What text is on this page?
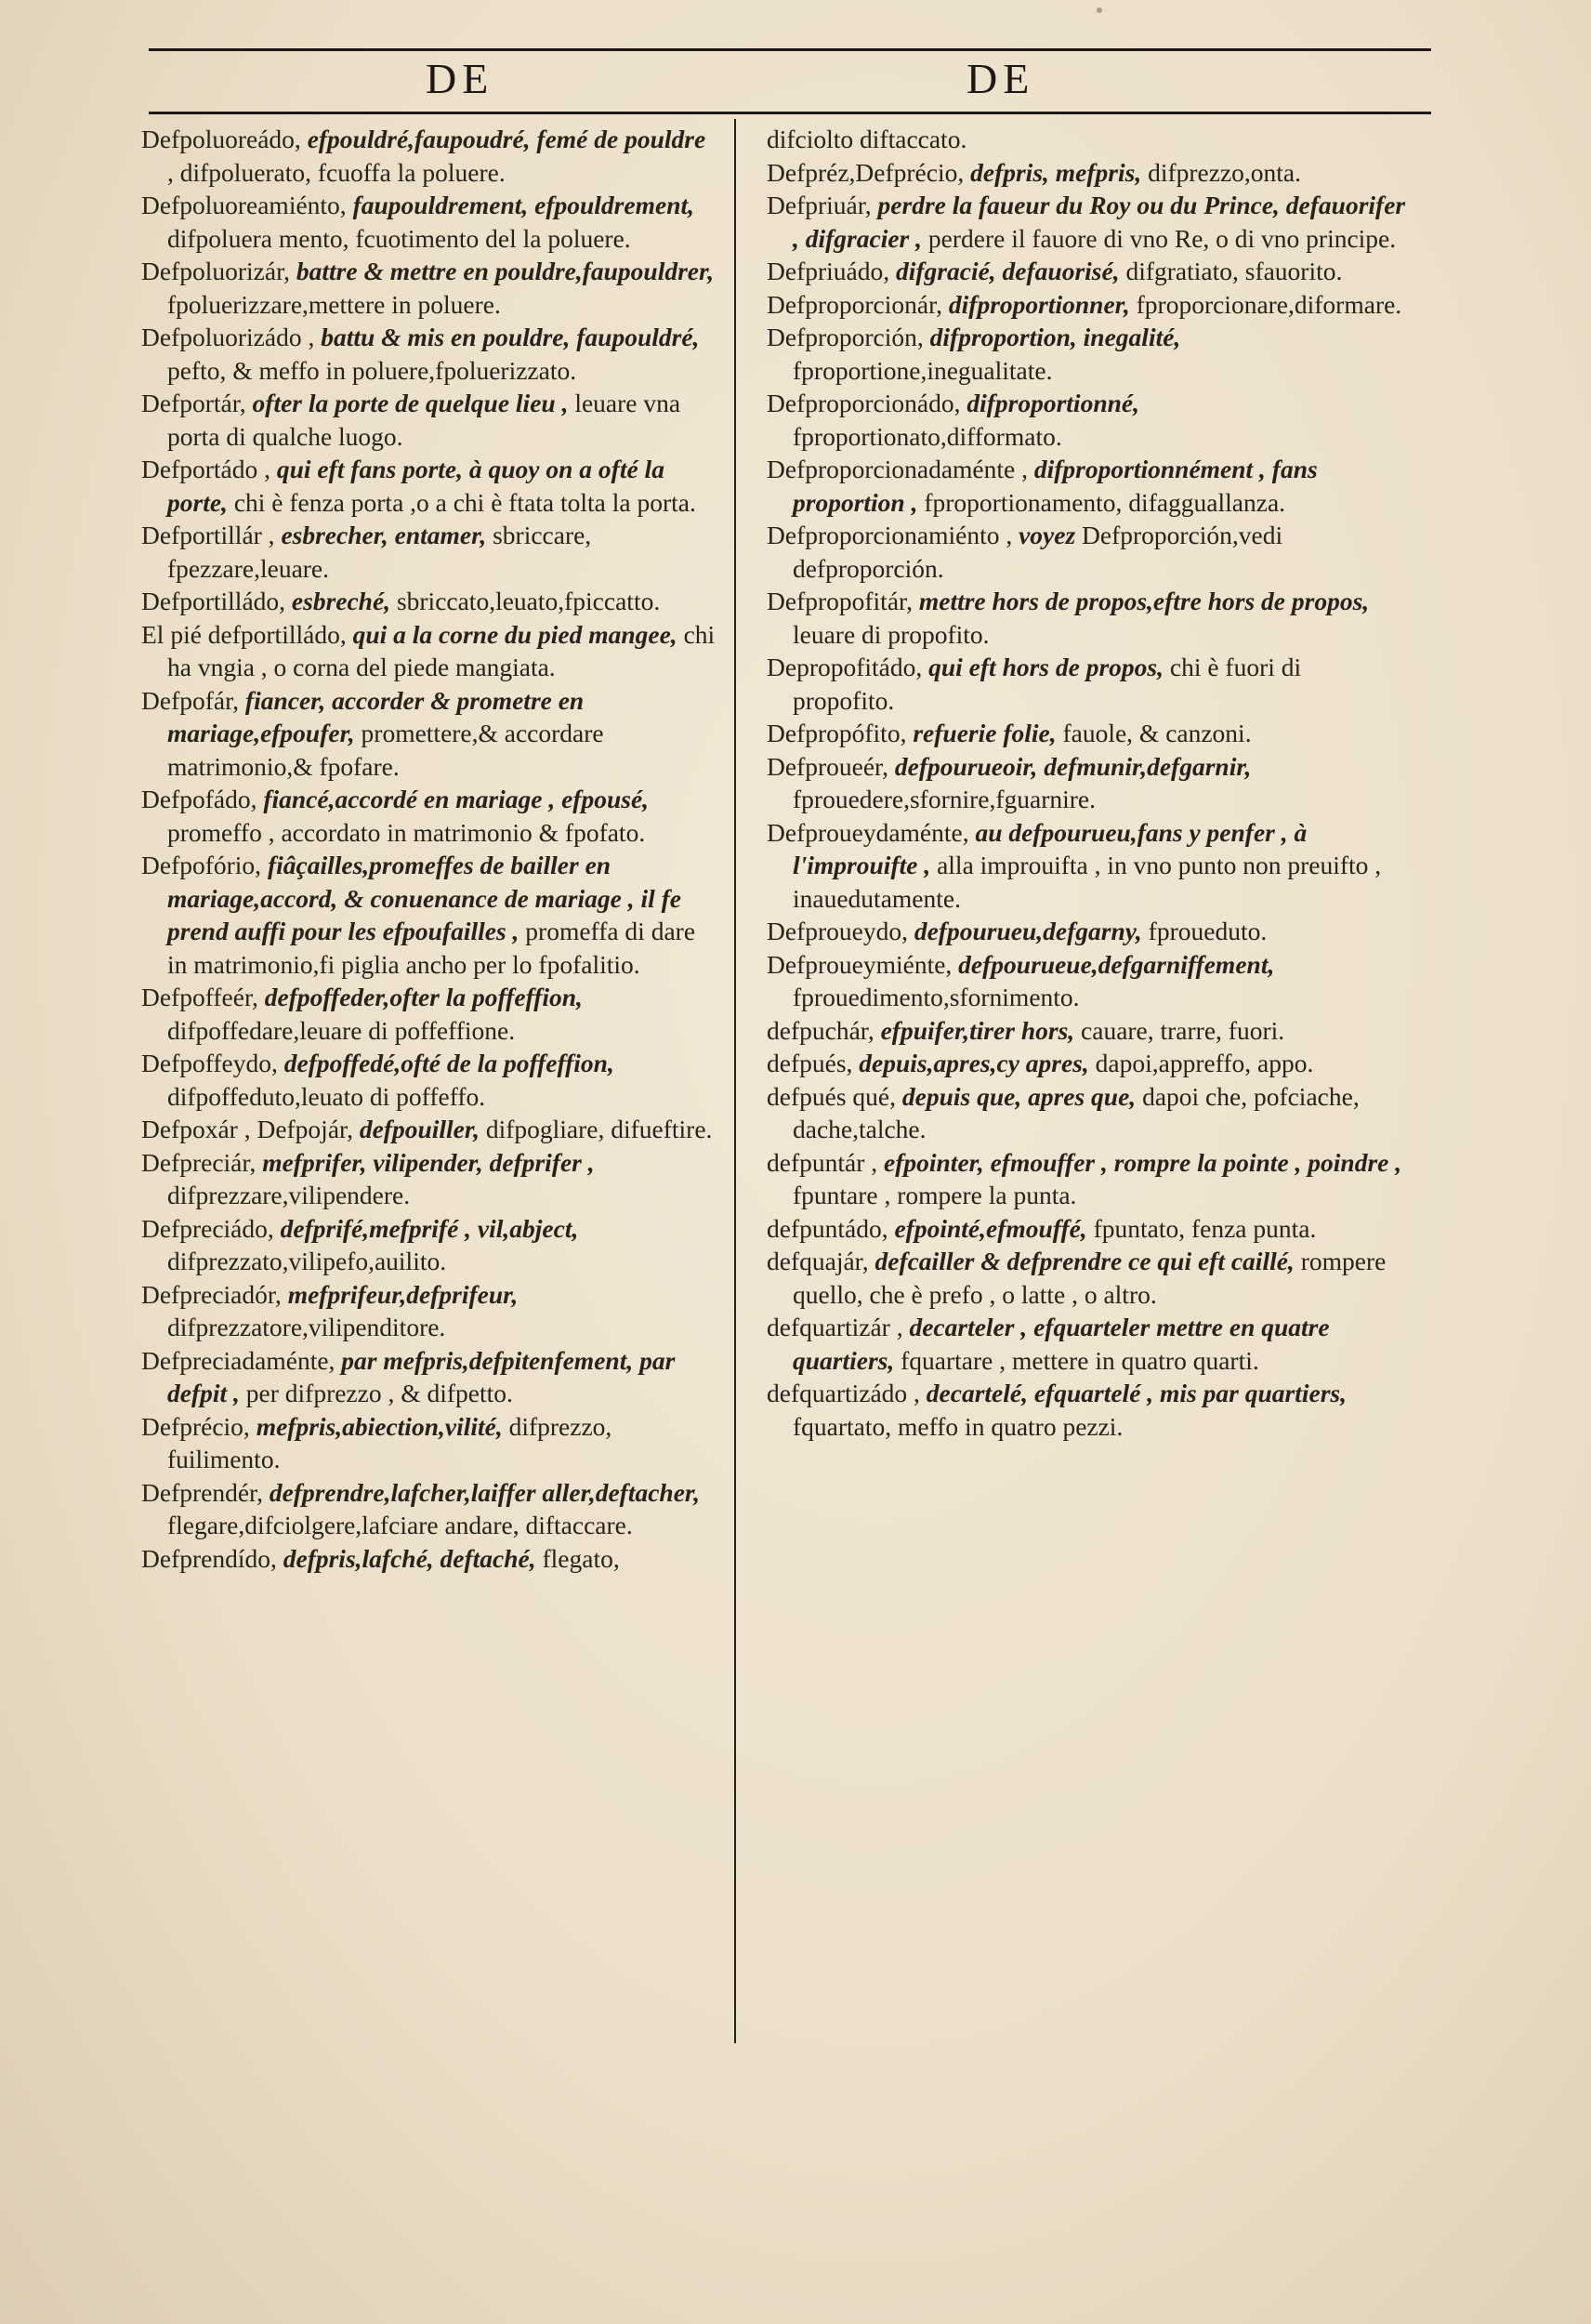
DE	DE

Defpoluoreádo, efpouldré,faupoudré, femé de pouldre , difpoluerato, fcuoffa la poluere.

Defpoluoreamiénto, faupouldrement, efpouldrement, difpoluera mento, fcuotimento del la poluere.

Defpoluorizár, battre & mettre en pouldre,faupouldrer, fpoluerizzare,mettere in poluere.

Defpoluorizádo , battu & mis en pouldre, faupouldré, pefto, & meffo in poluere,fpoluerizzato.

Defportár, ofter la porte de quelque lieu , leuare vna porta di qualche luogo.

Defportádo , qui eft fans porte, à quoy on a ofté la porte, chi è fenza porta ,o a chi è ftata tolta la porta.

Defportillár , esbrecher, entamer, sbriccare, fpezzare,leuare.

Defportilládo, esbreché, sbriccato,leuato,fpiccatto.

El pié defportilládo, qui a la corne du pied mangee, chi ha vngia , o corna del piede mangiata.

Defpofár, fiancer, accorder & prometre en mariage,efpoufer, promettere,& accordare matrimonio,& fpofare.

Defpofádo, fiancé,accordé en mariage , efpousé, promeffo , accordato in matrimonio & fpofato.

Defpofório, fiâçailles,promeffes de bailler en mariage,accord, & conuenance de mariage , il fe prend auffi pour les efpoufailles , promeffa di dare in matrimonio,fi piglia ancho per lo fpofalitio.

Defpoffeér, defpoffeder,ofter la poffeffion, difpoffedare,leuare di poffeffione.

Defpoffeydo, defpoffedé,ofté de la poffeffion, difpoffeduto,leuato di poffeffo.

Defpoxár , Defpojár, defpouiller, difpogliare, difueftire.

Defpreciár, mefprifer, vilipender, defprifer , difprezzare,vilipendere.

Defpreciádo, defprifé,mefprifé , vil,abject, difprezzato,vilipefo,auilito.

Defpreciadór, mefprifeur,defprifeur, difprezzatore,vilipenditore.

Defpreciadaménte, par mefpris,defpitenfement, par defpit , per difprezzo , & difpetto.

Defprécio, mefpris,abiection,vilité, difprezzo, fuilimento.

Defprendér, defprendre,lafcher,laiffer aller,deftacher, flegare,difciolgere,lafciare andare, diftaccare.

Defprendído, defpris,lafché, deftaché, flegato,

difciolto diftaccato.

Defpréz,Defprécio, defpris, mefpris, difprezzo,onta.

Defpriuár, perdre la faueur du Roy ou du Prince, defauorifer , difgracier , perdere il fauore di vno Re, o di vno principe.

Defpriuádo, difgracié, defauorisé, difgratiato, sfauorito.

Defproporcionár, difproportionner, fproporcionare,diformare.

Defproporción, difproportion, inegalité, fproportione,inegualitate.

Defproporcionádo, difproportionné, fproportionato,difformato.

Defproporcionadaménte , difproportionnément , fans proportion , fproportionamento, difagguallanza.

Defproporcionamiénto , voyez Defproporción,vedi defproporción.

Defpropofitár, mettre hors de propos,eftre hors de propos, leuare di propofito.

Depropofitádo, qui eft hors de propos, chi è fuori di propofito.

Defpropófito, refuerie folie, fauole, & canzoni.

Defproueér, defpourueoir, defmunir,defgarnir, fprouedere,sfornire,fguarnire.

Defproueydaménte, au defpourueu,fans y penfer , à l'improuifte , alla improuifta , in vno punto non preuifto , inauedutamente.

Defproueydo, defpourueu,defgarny, fproueduto.

Defproueymiénte, defpourueue,defgarniffement, fprouedimento,sfornimento.

defpuchár, efpuifer,tirer hors, cauare, trarre, fuori.

defpués, depuis,apres,cy apres, dapoi,appreffo, appo.

defpués qué, depuis que, apres que, dapoi che, pofciache, dache,talche.

defpuntár , efpointer, efmouffer , rompre la pointe , poindre , fpuntare , rompere la punta.

defpuntádo, efpointé,efmouffé, fpuntato, fenza punta.

defquajár, defcailler & defprendre ce qui eft caillé, rompere quello, che è prefo , o latte , o altro.

defquartizár , decarteler , efquarteler mettre en quatre quartiers, fquartare , mettere in quatro quarti.

defquartizádo , decartelé, efquartelé , mis par quartiers, fquartato, meffo in quatro pezzi.
